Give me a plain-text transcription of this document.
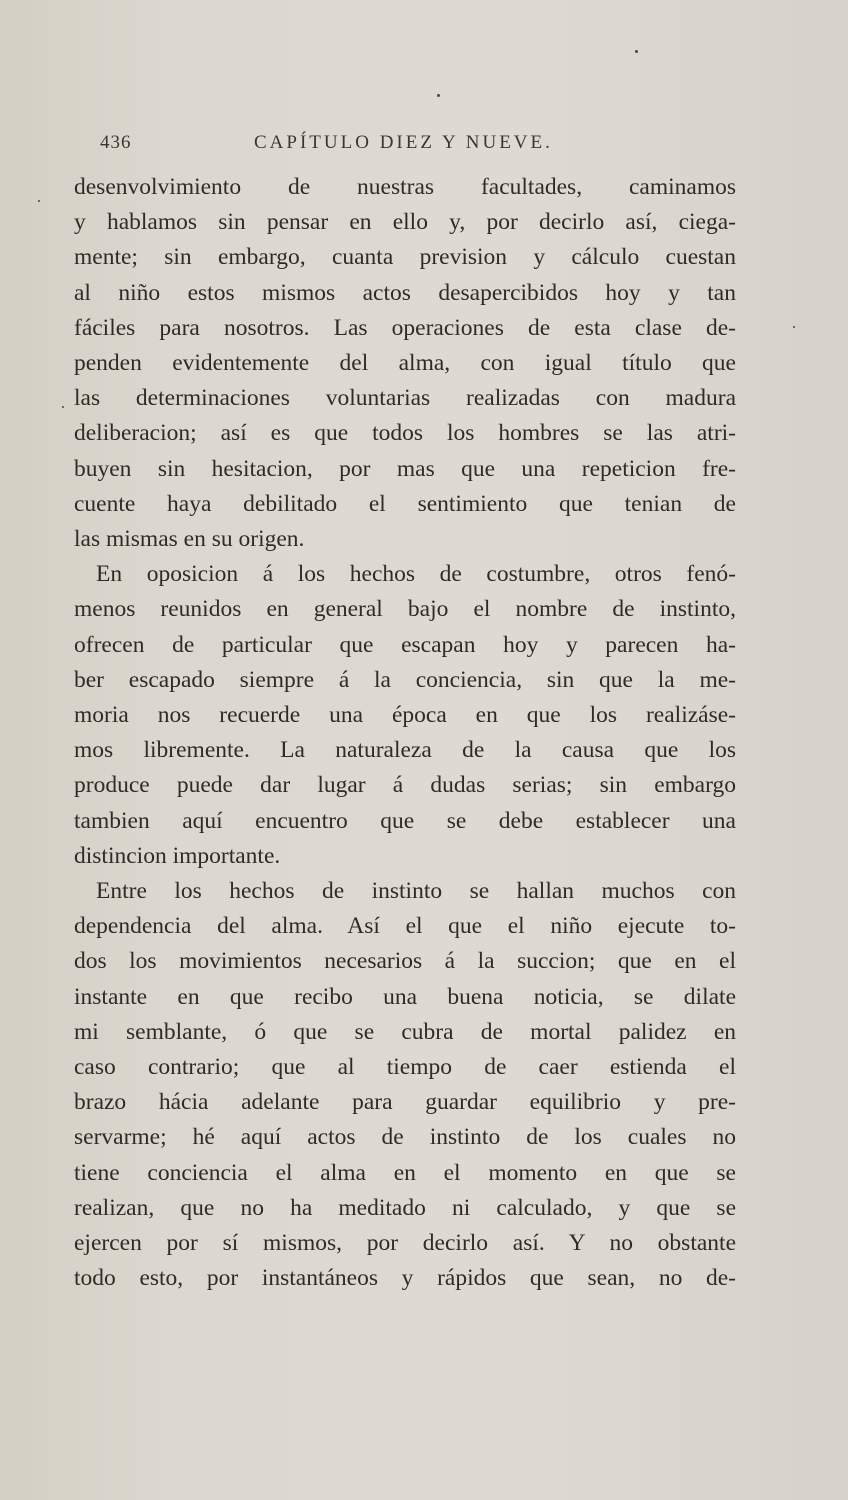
436	CAPÍTULO DIEZ Y NUEVE.
desenvolvimiento de nuestras facultades, caminamos
y hablamos sin pensar en ello y, por decirlo así, ciega-
mente; sin embargo, cuanta prevision y cálculo cuestan
al niño estos mismos actos desapercibidos hoy y tan
fáciles para nosotros. Las operaciones de esta clase de-
penden evidentemente del alma, con igual título que
las determinaciones voluntarias realizadas con madura
deliberacion; así es que todos los hombres se las atri-
buyen sin hesitacion, por mas que una repeticion fre-
cuente haya debilitado el sentimiento que tenian de
las mismas en su origen.
En oposicion á los hechos de costumbre, otros fenó-
menos reunidos en general bajo el nombre de instinto,
ofrecen de particular que escapan hoy y parecen ha-
ber escapado siempre á la conciencia, sin que la me-
moria nos recuerde una época en que los realizáse-
mos libremente. La naturaleza de la causa que los
produce puede dar lugar á dudas serias; sin embargo
tambien aquí encuentro que se debe establecer una
distincion importante.
Entre los hechos de instinto se hallan muchos con
dependencia del alma. Así el que el niño ejecute to-
dos los movimientos necesarios á la succion; que en el
instante en que recibo una buena noticia, se dilate
mi semblante, ó que se cubra de mortal palidez en
caso contrario; que al tiempo de caer estienda el
brazo hácia adelante para guardar equilibrio y pre-
servarme; hé aquí actos de instinto de los cuales no
tiene conciencia el alma en el momento en que se
realizan, que no ha meditado ni calculado, y que se
ejercen por sí mismos, por decirlo así. Y no obstante
todo esto, por instantáneos y rápidos que sean, no de-
